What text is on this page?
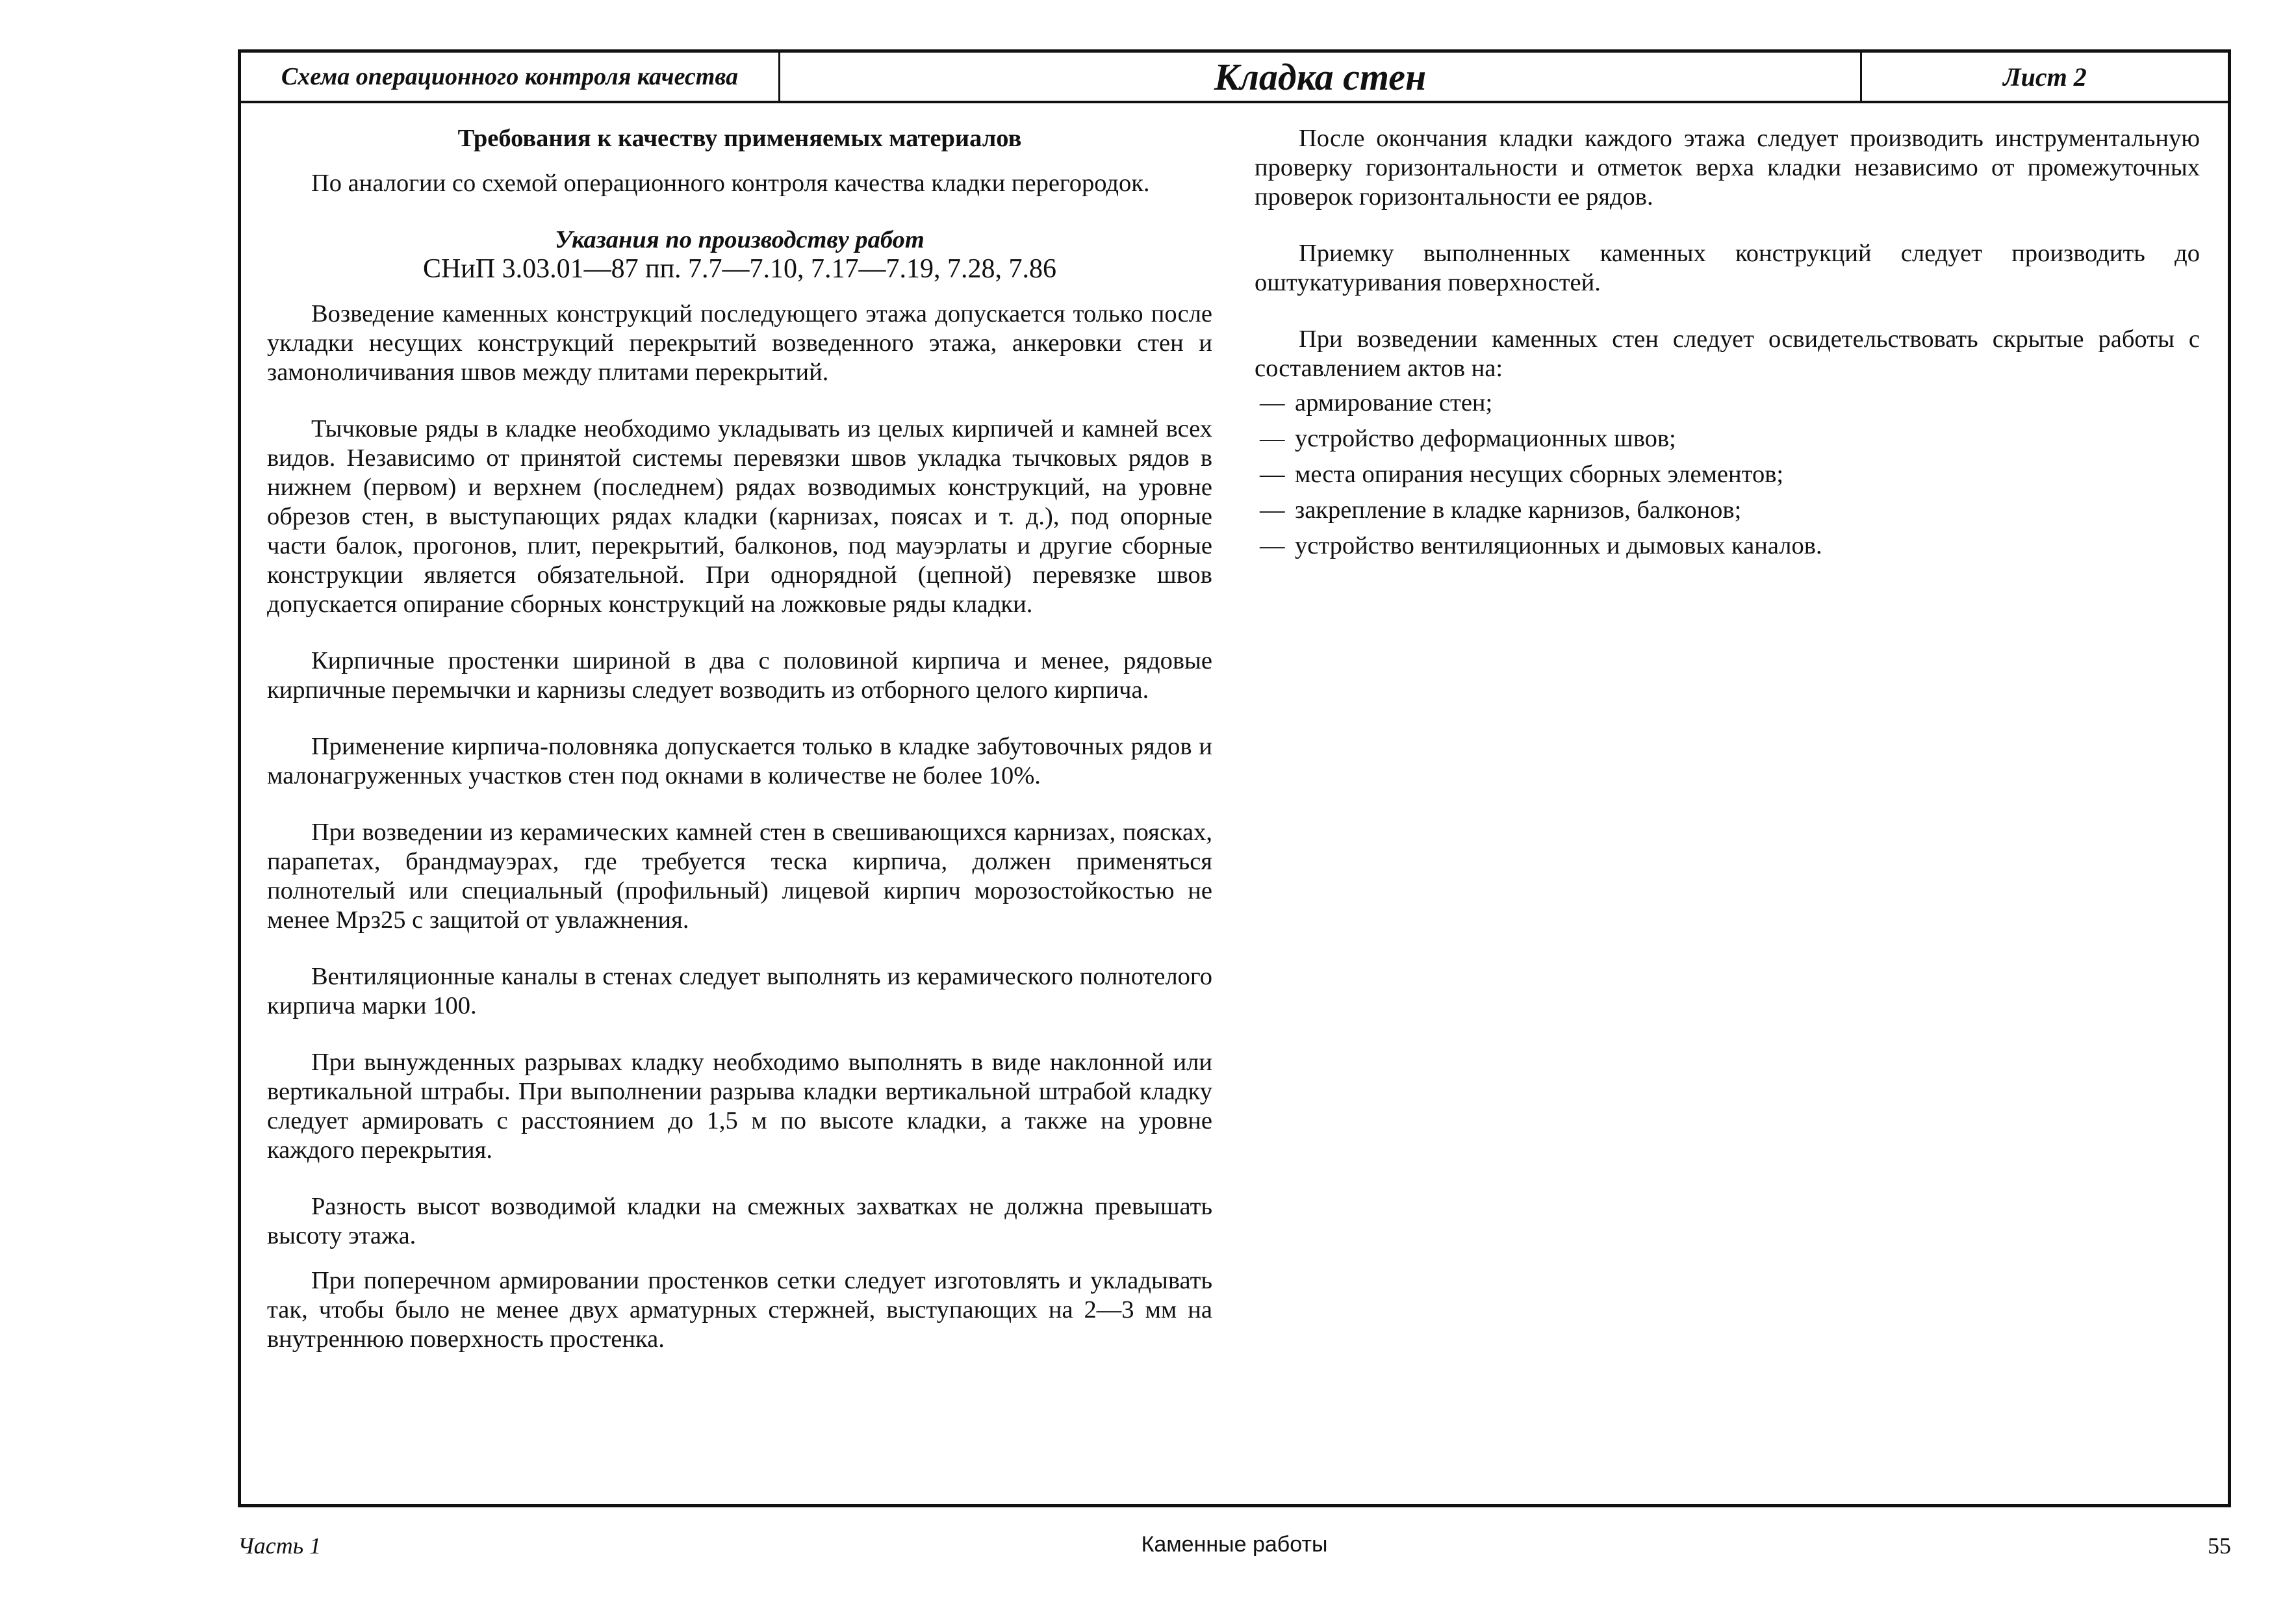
Схема операционного контроля качества	Кладка стен	Лист 2

Требования к качеству применяемых материалов

По аналогии со схемой операционного контроля качества кладки перегородок.

Указания по производству работ

СНиП 3.03.01—87 пп. 7.7—7.10, 7.17—7.19, 7.28, 7.86

Возведение каменных конструкций последующего этажа допускается только после укладки несущих конструкций перекрытий возведенного этажа, анкеровки стен и замоноличивания швов между плитами перекрытий.

Тычковые ряды в кладке необходимо укладывать из целых кирпичей и камней всех видов. Независимо от принятой системы перевязки швов укладка тычковых рядов в нижнем (первом) и верхнем (последнем) рядах возводимых конструкций, на уровне обрезов стен, в выступающих рядах кладки (карнизах, поясах и т. д.), под опорные части балок, прогонов, плит, перекрытий, балконов, под мауэрлаты и другие сборные конструкции является обязательной. При однорядной (цепной) перевязке швов допускается опирание сборных конструкций на ложковые ряды кладки.

Кирпичные простенки шириной в два с половиной кирпича и менее, рядовые кирпичные перемычки и карнизы следует возводить из отборного целого кирпича.

Применение кирпича-половняка допускается только в кладке забутовочных рядов и малонагруженных участков стен под окнами в количестве не более 10%.

При возведении из керамических камней стен в свешивающихся карнизах, поясках, парапетах, брандмауэрах, где требуется теска кирпича, должен применяться полнотелый или специальный (профильный) лицевой кирпич морозостойкостью не менее Мрз25 с защитой от увлажнения.

Вентиляционные каналы в стенах следует выполнять из керамического полнотелого кирпича марки 100.

При вынужденных разрывах кладку необходимо выполнять в виде наклонной или вертикальной штрабы. При выполнении разрыва кладки вертикальной штрабой кладку следует армировать с расстоянием до 1,5 м по высоте кладки, а также на уровне каждого перекрытия.

Разность высот возводимой кладки на смежных захватках не должна превышать высоту этажа.

При поперечном армировании простенков сетки следует изготовлять и укладывать так, чтобы было не менее двух арматурных стержней, выступающих на 2—3 мм на внутреннюю поверхность простенка.

После окончания кладки каждого этажа следует производить инструментальную проверку горизонтальности и отметок верха кладки независимо от промежуточных проверок горизонтальности ее рядов.

Приемку выполненных каменных конструкций следует производить до оштукатуривания поверхностей.

При возведении каменных стен следует освидетельствовать скрытые работы с составлением актов на:

— армирование стен;
— устройство деформационных швов;
— места опирания несущих сборных элементов;
— закрепление в кладке карнизов, балконов;
— устройство вентиляционных и дымовых каналов.
Часть 1	Каменные работы	55
